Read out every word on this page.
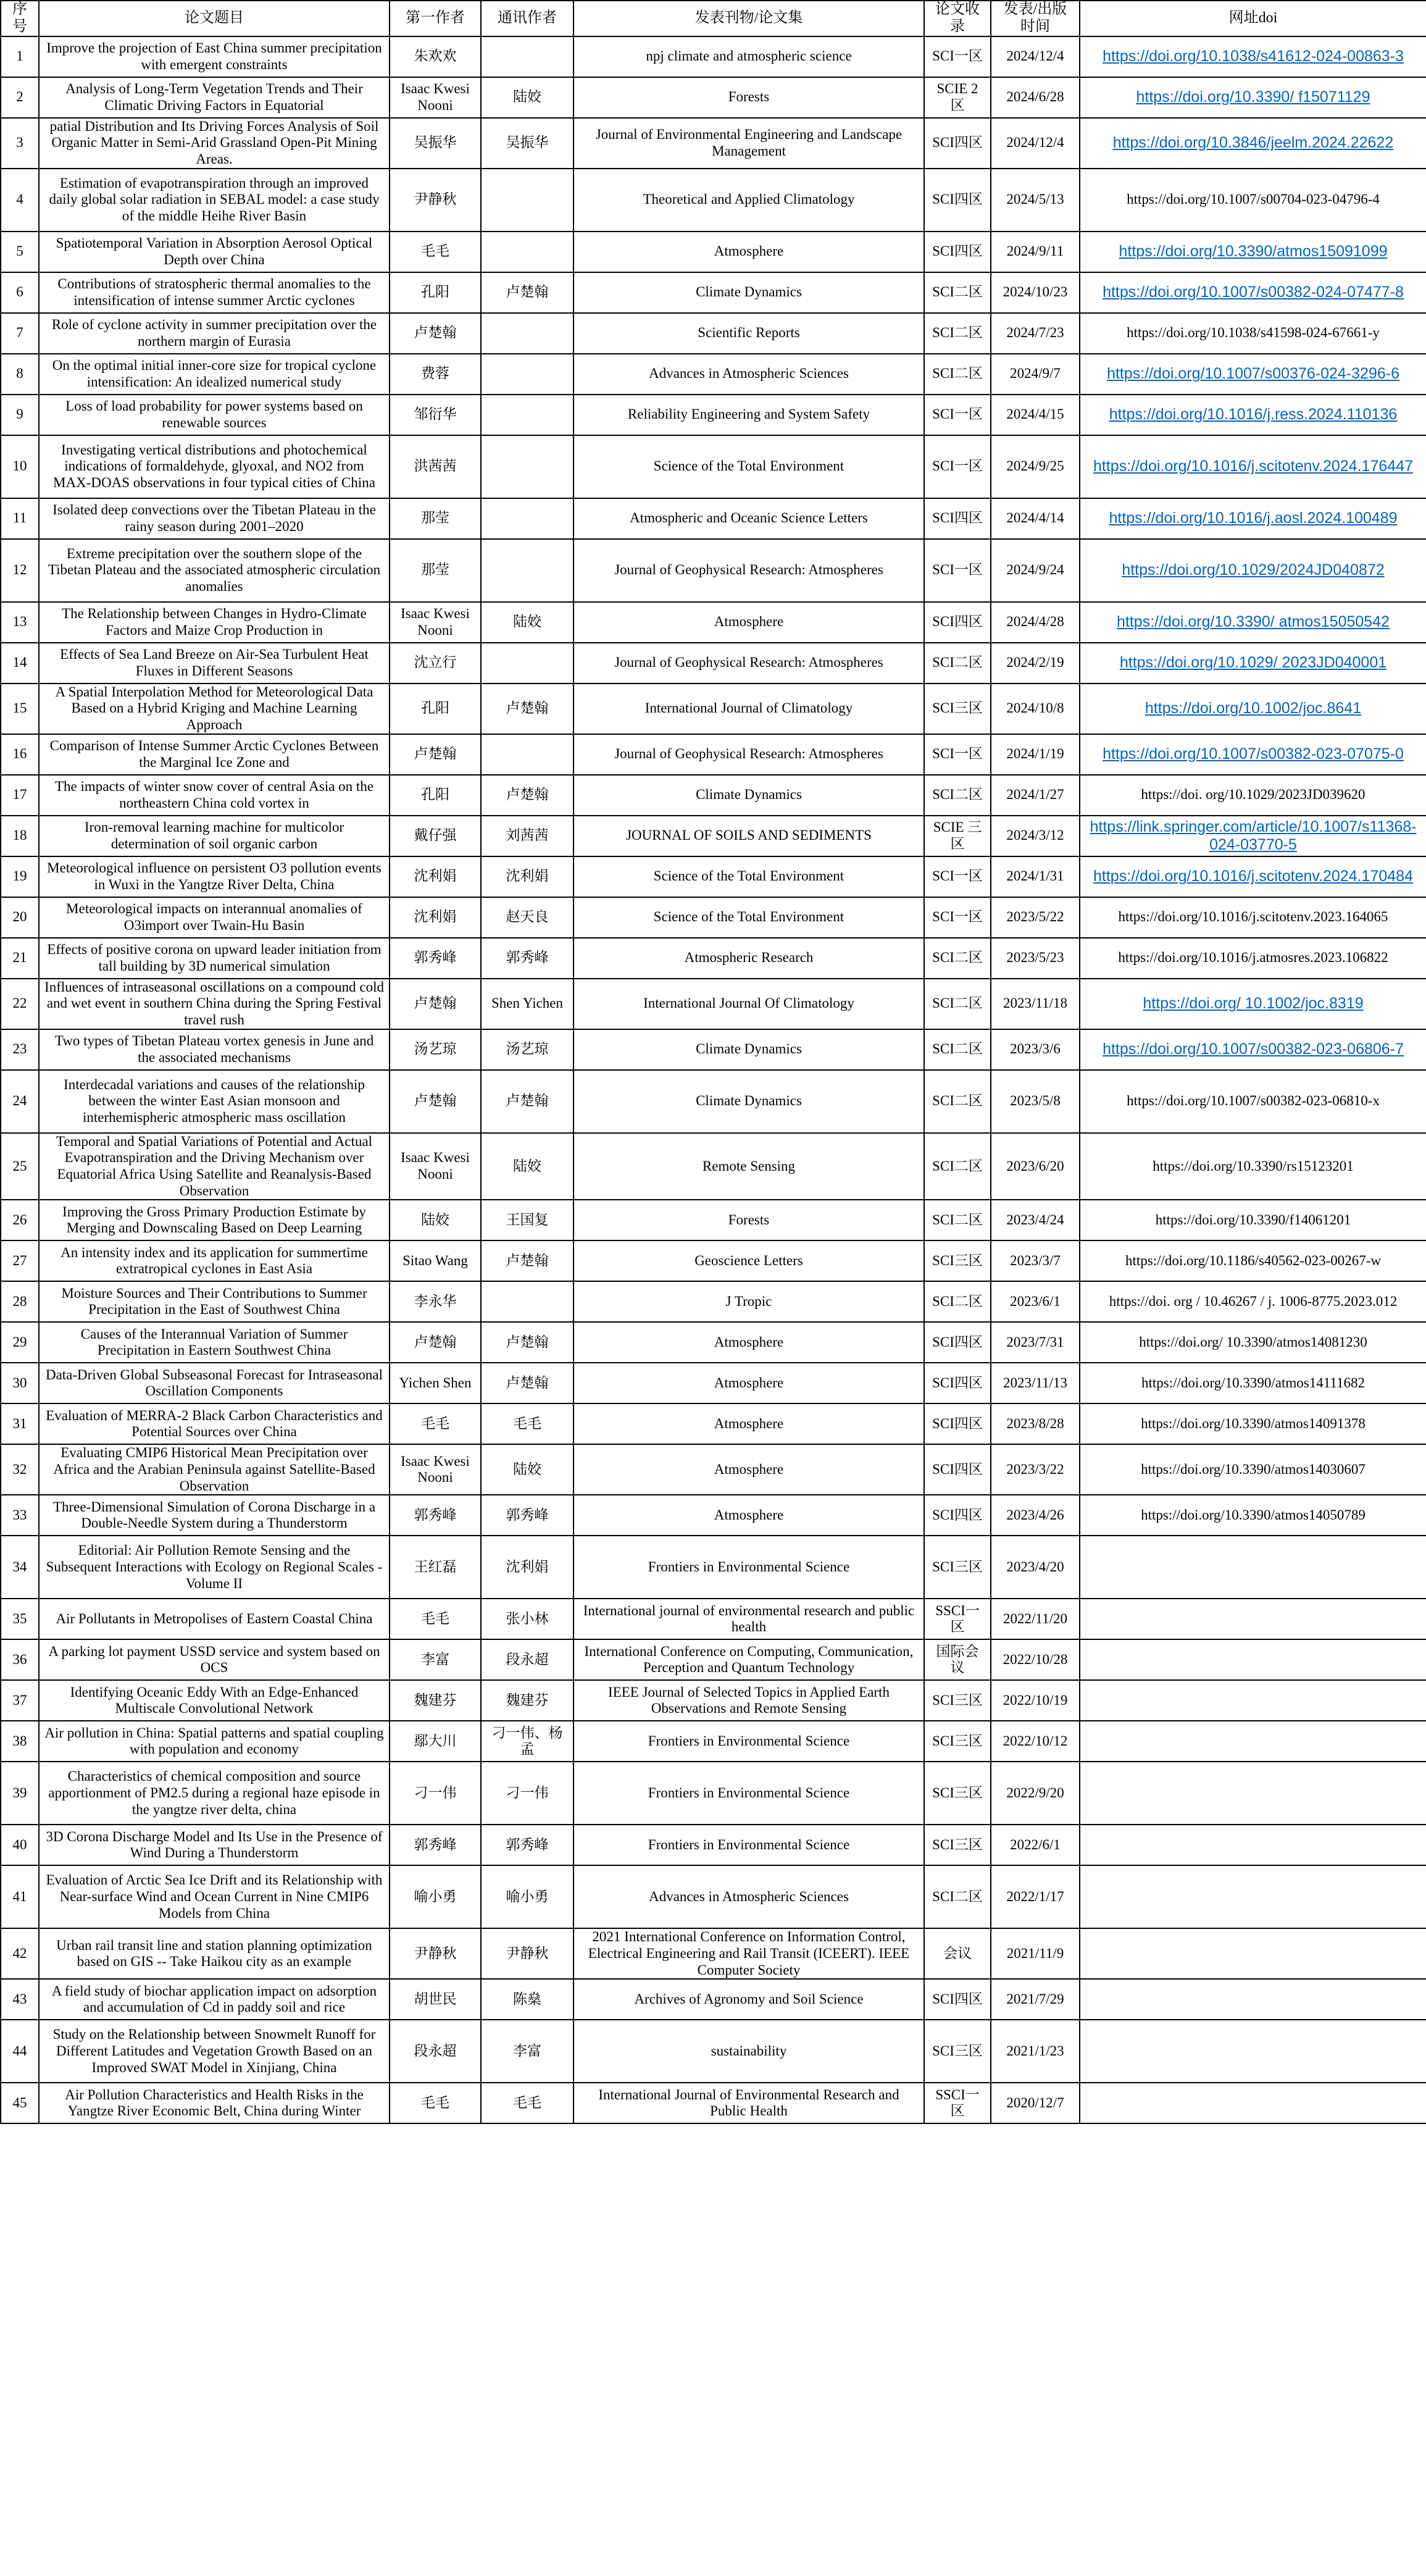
序号	论文题目	第一作者	通讯作者	发表刊物/论文集	论文收录	发表/出版时间	网址doi
1	Improve the projection of East China summer precipitation with emergent constraints	朱欢欢		npj climate and atmospheric science	SCI一区	2024/12/4	https://doi.org/10.1038/s41612-024-00863-3
2	Analysis of Long-Term Vegetation Trends and Their Climatic Driving Factors in Equatorial	Isaac Kwesi Nooni	陆姣	Forests	SCIE 2区	2024/6/28	https://doi.org/10.3390/ f15071129
3	patial Distribution and Its Driving Forces Analysis of Soil Organic Matter in Semi-Arid Grassland Open-Pit Mining Areas.	吴振华	吴振华	Journal of Environmental Engineering and Landscape Management	SCI四区	2024/12/4	https://doi.org/10.3846/jeelm.2024.22622
4	Estimation of evapotranspiration through an improved daily global solar radiation in SEBAL model: a case study of the middle Heihe River Basin	尹静秋		Theoretical and Applied Climatology	SCI四区	2024/5/13	https://doi.org/10.1007/s00704-023-04796-4
5	Spatiotemporal Variation in Absorption Aerosol Optical Depth over China	毛毛		Atmosphere	SCI四区	2024/9/11	https://doi.org/10.3390/atmos15091099
6	Contributions of stratospheric thermal anomalies to the intensification of intense summer Arctic cyclones	孔阳	卢楚翰	Climate Dynamics	SCI二区	2024/10/23	https://doi.org/10.1007/s00382-024-07477-8
7	Role of cyclone activity in summer precipitation over the northern margin of Eurasia	卢楚翰		Scientific Reports	SCI二区	2024/7/23	https://doi.org/10.1038/s41598-024-67661-y
8	On the optimal initial inner-core size for tropical cyclone intensification: An idealized numerical study	费蓉		Advances in Atmospheric Sciences	SCI二区	2024/9/7	https://doi.org/10.1007/s00376-024-3296-6
9	Loss of load probability for power systems based on renewable sources	邹衍华		Reliability Engineering and System Safety	SCI一区	2024/4/15	https://doi.org/10.1016/j.ress.2024.110136
10	Investigating vertical distributions and photochemical indications of formaldehyde, glyoxal, and NO2 from MAX-DOAS observations in four typical cities of China	洪茜茜		Science of the Total Environment	SCI一区	2024/9/25	https://doi.org/10.1016/j.scitotenv.2024.176447
11	Isolated deep convections over the Tibetan Plateau in the rainy season during 2001–2020	那莹		Atmospheric and Oceanic Science Letters	SCI四区	2024/4/14	https://doi.org/10.1016/j.aosl.2024.100489
12	Extreme precipitation over the southern slope of the Tibetan Plateau and the associated atmospheric circulation anomalies	那莹		Journal of Geophysical Research: Atmospheres	SCI一区	2024/9/24	https://doi.org/10.1029/2024JD040872
13	The Relationship between Changes in Hydro-Climate Factors and Maize Crop Production in	Isaac Kwesi Nooni	陆姣	Atmosphere	SCI四区	2024/4/28	https://doi.org/10.3390/ atmos15050542
14	Effects of Sea Land Breeze on Air-Sea Turbulent Heat Fluxes in Different Seasons	沈立行		Journal of Geophysical Research: Atmospheres	SCI二区	2024/2/19	https://doi.org/10.1029/ 2023JD040001
15	A Spatial Interpolation Method for Meteorological Data Based on a Hybrid Kriging and Machine Learning Approach	孔阳	卢楚翰	International Journal of Climatology	SCI三区	2024/10/8	https://doi.org/10.1002/joc.8641
16	Comparison of Intense Summer Arctic Cyclones Between the Marginal Ice Zone and	卢楚翰		Journal of Geophysical Research: Atmospheres	SCI一区	2024/1/19	https://doi.org/10.1007/s00382-023-07075-0
17	The impacts of winter snow cover of central Asia on the northeastern China cold vortex in	孔阳	卢楚翰	Climate Dynamics	SCI二区	2024/1/27	https://doi. org/10.1029/2023JD039620
18	Iron-removal learning machine for multicolor determination of soil organic carbon	戴仔强	刘茜茜	JOURNAL OF SOILS AND SEDIMENTS	SCIE 三区	2024/3/12	https://link.springer.com/article/10.1007/s11368-024-03770-5
19	Meteorological influence on persistent O3 pollution events in Wuxi in the Yangtze River Delta, China	沈利娟	沈利娟	Science of the Total Environment	SCI一区	2024/1/31	https://doi.org/10.1016/j.scitotenv.2024.170484
20	Meteorological impacts on interannual anomalies of O3import over Twain-Hu Basin	沈利娟	赵天良	Science of the Total Environment	SCI一区	2023/5/22	https://doi.org/10.1016/j.scitotenv.2023.164065
21	Effects of positive corona on upward leader initiation from tall building by 3D numerical simulation	郭秀峰	郭秀峰	Atmospheric Research	SCI二区	2023/5/23	https://doi.org/10.1016/j.atmosres.2023.106822
22	Influences of intraseasonal oscillations on a compound cold and wet event in southern China during the Spring Festival travel rush	卢楚翰	Shen Yichen	International Journal Of Climatology	SCI二区	2023/11/18	https://doi.org/ 10.1002/joc.8319
23	Two types of Tibetan Plateau vortex genesis in June and the associated mechanisms	汤艺琼	汤艺琼	Climate Dynamics	SCI二区	2023/3/6	https://doi.org/10.1007/s00382-023-06806-7
24	Interdecadal variations and causes of the relationship between the winter East Asian monsoon and interhemispheric atmospheric mass oscillation	卢楚翰	卢楚翰	Climate Dynamics	SCI二区	2023/5/8	https://doi.org/10.1007/s00382-023-06810-x
25	Temporal and Spatial Variations of Potential and Actual Evapotranspiration and the Driving Mechanism over Equatorial Africa Using Satellite and Reanalysis-Based Observation	Isaac Kwesi Nooni	陆姣	Remote Sensing	SCI二区	2023/6/20	https://doi.org/10.3390/rs15123201
26	Improving the Gross Primary Production Estimate by Merging and Downscaling Based on Deep Learning	陆姣	王国复	Forests	SCI二区	2023/4/24	https://doi.org/10.3390/f14061201
27	An intensity index and its application for summertime extratropical cyclones in East Asia	Sitao Wang	卢楚翰	Geoscience Letters	SCI三区	2023/3/7	https://doi.org/10.1186/s40562-023-00267-w
28	Moisture Sources and Their Contributions to Summer Precipitation in the East of Southwest China	李永华		J Tropic	SCI二区	2023/6/1	https://doi. org / 10.46267 / j. 1006-8775.2023.012
29	Causes of the Interannual Variation of Summer Precipitation in Eastern Southwest China	卢楚翰	卢楚翰	Atmosphere	SCI四区	2023/7/31	https://doi.org/ 10.3390/atmos14081230
30	Data-Driven Global Subseasonal Forecast for Intraseasonal Oscillation Components	Yichen Shen	卢楚翰	Atmosphere	SCI四区	2023/11/13	https://doi.org/10.3390/atmos14111682
31	Evaluation of MERRA-2 Black Carbon Characteristics and Potential Sources over China	毛毛	毛毛	Atmosphere	SCI四区	2023/8/28	https://doi.org/10.3390/atmos14091378
32	Evaluating CMIP6 Historical Mean Precipitation over Africa and the Arabian Peninsula against Satellite-Based Observation	Isaac Kwesi Nooni	陆姣	Atmosphere	SCI四区	2023/3/22	https://doi.org/10.3390/atmos14030607
33	Three-Dimensional Simulation of Corona Discharge in a Double-Needle System during a Thunderstorm	郭秀峰	郭秀峰	Atmosphere	SCI四区	2023/4/26	https://doi.org/10.3390/atmos14050789
34	Editorial: Air Pollution Remote Sensing and the Subsequent Interactions with Ecology on Regional Scales - Volume II	王红磊	沈利娟	Frontiers in Environmental Science	SCI三区	2023/4/20	
35	Air Pollutants in Metropolises of Eastern Coastal China	毛毛	张小林	International journal of environmental research and public health	SSCI一区	2022/11/20	
36	A parking lot payment USSD service and system based on OCS	李富	段永超	International Conference on Computing, Communication, Perception and Quantum Technology	国际会议	2022/10/28	
37	Identifying Oceanic Eddy With an Edge-Enhanced Multiscale Convolutional Network	魏建芬	魏建芬	IEEE Journal of Selected Topics in Applied Earth Observations and Remote Sensing	SCI三区	2022/10/19	
38	Air pollution in China: Spatial patterns and spatial coupling with population and economy	鄢大川	刁一伟、杨孟	Frontiers in Environmental Science	SCI三区	2022/10/12	
39	Characteristics of chemical composition and source apportionment of PM2.5 during a regional haze episode in the yangtze river delta, china	刁一伟	刁一伟	Frontiers in Environmental Science	SCI三区	2022/9/20	
40	3D Corona Discharge Model and Its Use in the Presence of Wind During a Thunderstorm	郭秀峰	郭秀峰	Frontiers in Environmental Science	SCI三区	2022/6/1	
41	Evaluation of Arctic Sea Ice Drift and its Relationship with Near-surface Wind and Ocean Current in Nine CMIP6 Models from China	喻小勇	喻小勇	Advances in Atmospheric Sciences	SCI二区	2022/1/17	
42	Urban rail transit line and station planning optimization based on GIS -- Take Haikou city as an example	尹静秋	尹静秋	2021 International Conference on Information Control, Electrical Engineering and Rail Transit (ICEERT). IEEE Computer Society	会议	2021/11/9	
43	A field study of biochar application impact on adsorption and accumulation of Cd in paddy soil and rice	胡世民	陈燊	Archives of Agronomy and Soil Science	SCI四区	2021/7/29	
44	Study on the Relationship between Snowmelt Runoff for Different Latitudes and Vegetation Growth Based on an Improved SWAT Model in Xinjiang, China	段永超	李富	sustainability	SCI三区	2021/1/23	
45	Air Pollution Characteristics and Health Risks in the Yangtze River Economic Belt, China during Winter	毛毛	毛毛	International Journal of Environmental Research and Public Health	SSCI一区	2020/12/7	
